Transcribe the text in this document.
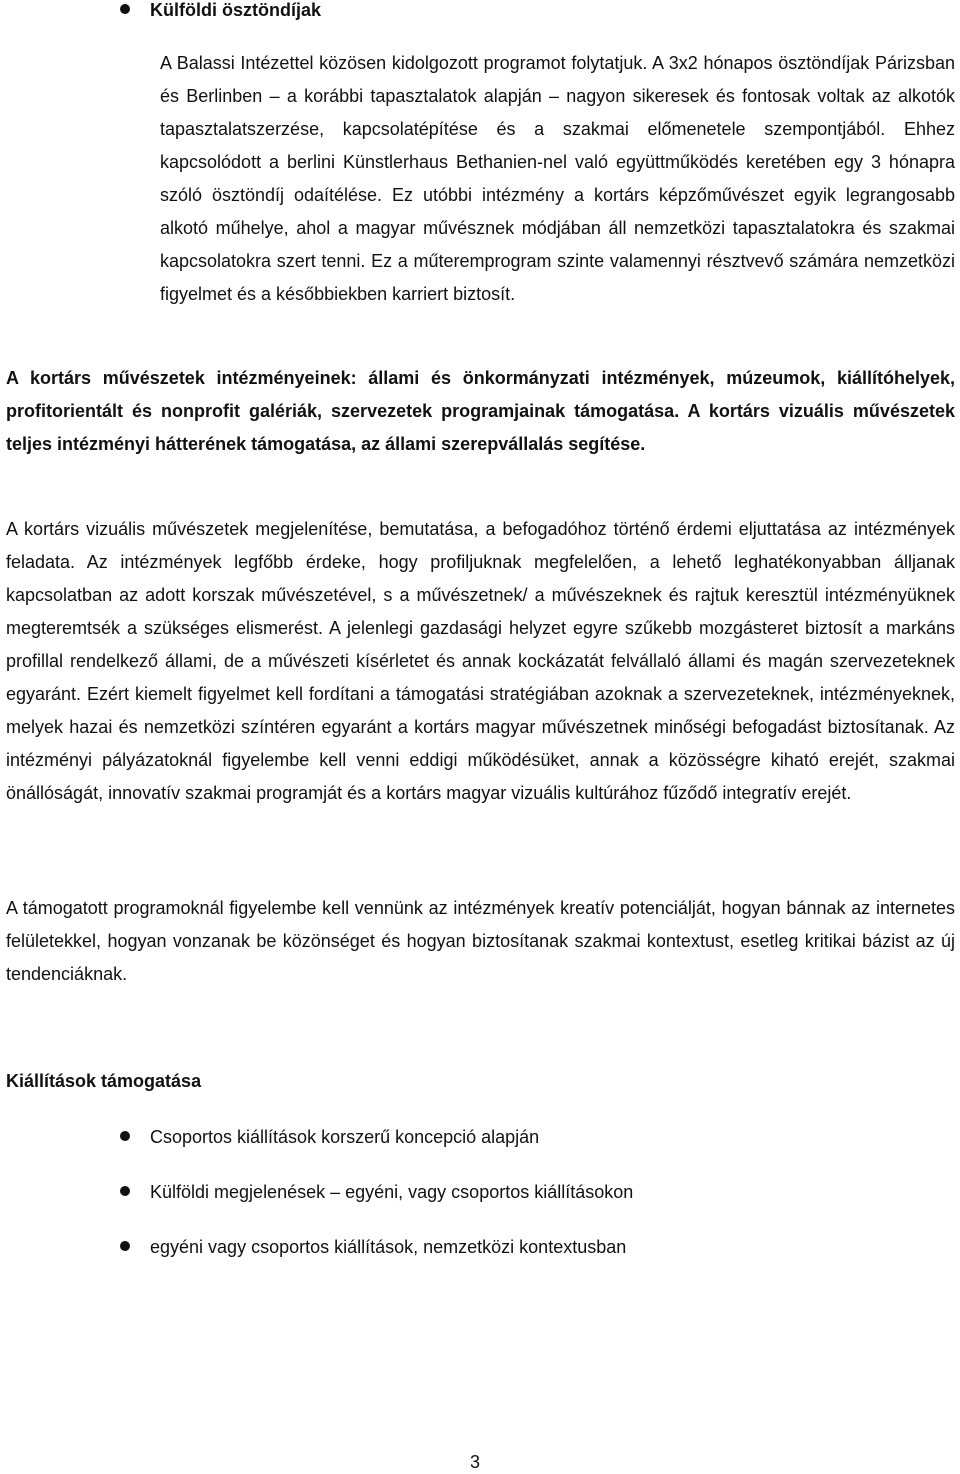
Külföldi ösztöndíjak
A Balassi Intézettel közösen kidolgozott programot folytatjuk. A 3x2 hónapos ösztöndíjak Párizsban és Berlinben – a korábbi tapasztalatok alapján – nagyon sikeresek és fontosak voltak az alkotók tapasztalatszerzése, kapcsolatépítése és a szakmai előmenetele szempontjából. Ehhez kapcsolódott a berlini Künstlerhaus Bethanien-nel való együttműködés keretében egy 3 hónapra szóló ösztöndíj odaítélése. Ez utóbbi intézmény a kortárs képzőművészet egyik legrangosabb alkotó műhelye, ahol a magyar művésznek módjában áll nemzetközi tapasztalatokra és szakmai kapcsolatokra szert tenni. Ez a műteremprogram szinte valamennyi résztvevő számára nemzetközi figyelmet és a későbbiekben karriert biztosít.
A kortárs művészetek intézményeinek: állami és önkormányzati intézmények, múzeumok, kiállítóhelyek, profitorientált és nonprofit galériák, szervezetek programjainak támogatása. A kortárs vizuális művészetek teljes intézményi hátterének támogatása, az állami szerepvállalás segítése.
A kortárs vizuális művészetek megjelenítése, bemutatása, a befogadóhoz történő érdemi eljuttatása az intézmények feladata. Az intézmények legfőbb érdeke, hogy profiljuknak megfelelően, a lehető leghatékonyabban álljanak kapcsolatban az adott korszak művészetével, s a művészetnek/ a művészeknek és rajtuk keresztül intézményüknek megteremtsék a szükséges elismerést. A jelenlegi gazdasági helyzet egyre szűkebb mozgásteret biztosít a markáns profillal rendelkező állami, de a művészeti kísérletet és annak kockázatát felvállaló állami és magán szervezeteknek egyaránt. Ezért kiemelt figyelmet kell fordítani a támogatási stratégiában azoknak a szervezeteknek, intézményeknek, melyek hazai és nemzetközi színtéren egyaránt a kortárs magyar művészetnek minőségi befogadást biztosítanak. Az intézményi pályázatoknál figyelembe kell venni eddigi működésüket, annak a közösségre kiható erejét, szakmai önállóságát, innovatív szakmai programját és a kortárs magyar vizuális kultúrához fűződő integratív erejét.
A támogatott programoknál figyelembe kell vennünk az intézmények kreatív potenciálját, hogyan bánnak az internetes felületekkel, hogyan vonzanak be közönséget és hogyan biztosítanak szakmai kontextust, esetleg kritikai bázist az új tendenciáknak.
Kiállítások támogatása
Csoportos kiállítások korszerű koncepció alapján
Külföldi megjelenések – egyéni, vagy csoportos kiállításokon
egyéni vagy csoportos kiállítások, nemzetközi kontextusban
3
